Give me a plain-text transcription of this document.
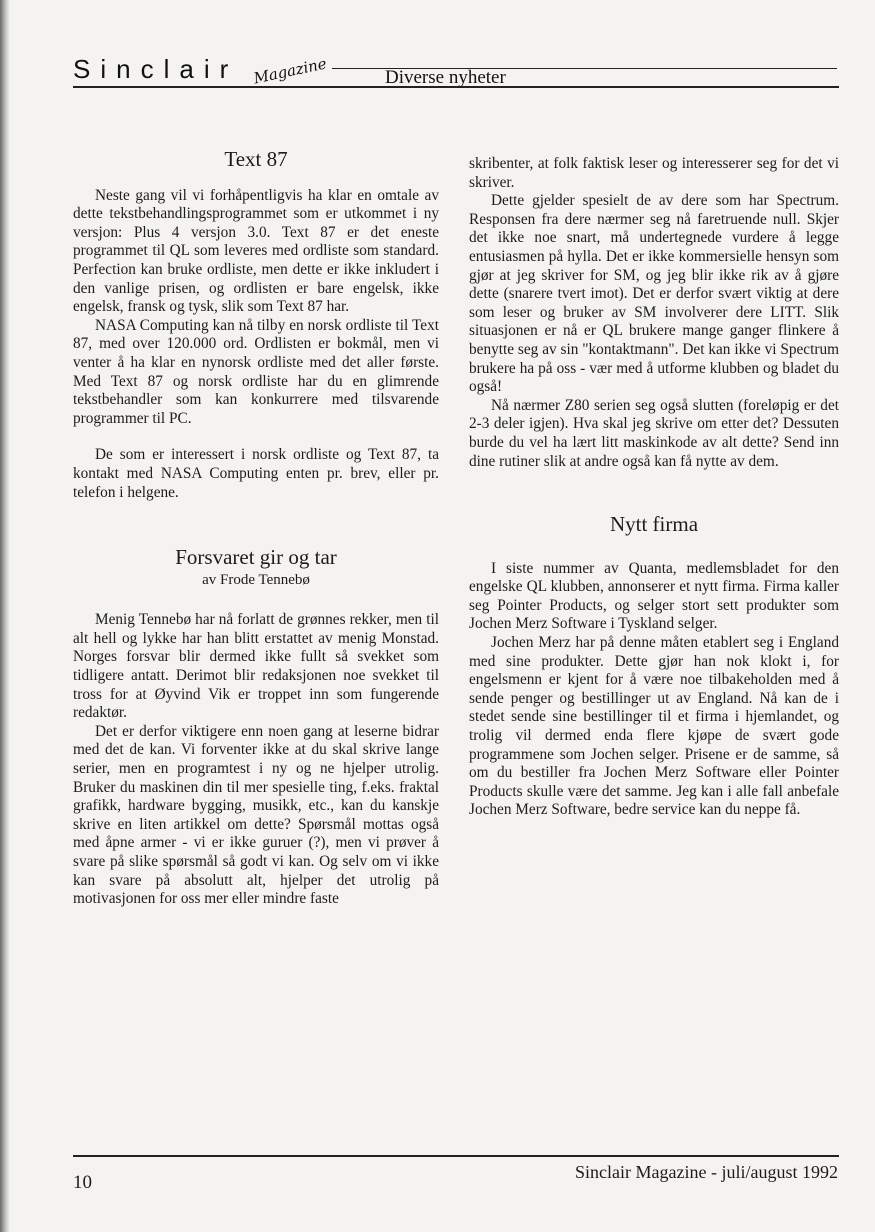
Sinclair Magazine	Diverse nyheter
Text 87

Neste gang vil vi forhåpentligvis ha klar en omtale av dette tekstbehandlingsprogrammet som er utkommet i ny versjon: Plus 4 versjon 3.0. Text 87 er det eneste programmet til QL som leveres med ordliste som standard. Perfection kan bruke ordliste, men dette er ikke inkludert i den vanlige prisen, og ordlisten er bare engelsk, ikke engelsk, fransk og tysk, slik som Text 87 har.

NASA Computing kan nå tilby en norsk ordliste til Text 87, med over 120.000 ord. Ordlisten er bokmål, men vi venter å ha klar en nynorsk ordliste med det aller første. Med Text 87 og norsk ordliste har du en glimrende tekstbehandler som kan konkurrere med tilsvarende programmer til PC.

De som er interessert i norsk ordliste og Text 87, ta kontakt med NASA Computing enten pr. brev, eller pr. telefon i helgene.

Forsvaret gir og tar
av Frode Tennebø

Menig Tennebø har nå forlatt de grønnes rekker, men til alt hell og lykke har han blitt erstattet av menig Monstad. Norges forsvar blir dermed ikke fullt så svekket som tidligere antatt. Derimot blir redaksjonen noe svekket til tross for at Øyvind Vik er troppet inn som fungerende redaktør.

Det er derfor viktigere enn noen gang at leserne bidrar med det de kan. Vi forventer ikke at du skal skrive lange serier, men en programtest i ny og ne hjelper utrolig. Bruker du maskinen din til mer spesielle ting, f.eks. fraktal grafikk, hardware bygging, musikk, etc., kan du kanskje skrive en liten artikkel om dette? Spørsmål mottas også med åpne armer - vi er ikke guruer (?), men vi prøver å svare på slike spørsmål så godt vi kan. Og selv om vi ikke kan svare på absolutt alt, hjelper det utrolig på motivasjonen for oss mer eller mindre faste

skribenter, at folk faktisk leser og interesserer seg for det vi skriver.

Dette gjelder spesielt de av dere som har Spectrum. Responsen fra dere nærmer seg nå faretruende null. Skjer det ikke noe snart, må undertegnede vurdere å legge entusiasmen på hylla. Det er ikke kommersielle hensyn som gjør at jeg skriver for SM, og jeg blir ikke rik av å gjøre dette (snarere tvert imot). Det er derfor svært viktig at dere som leser og bruker av SM involverer dere LITT. Slik situasjonen er nå er QL brukere mange ganger flinkere å benytte seg av sin "kontaktmann". Det kan ikke vi Spectrum brukere ha på oss - vær med å utforme klubben og bladet du også!

Nå nærmer Z80 serien seg også slutten (foreløpig er det 2-3 deler igjen). Hva skal jeg skrive om etter det? Dessuten burde du vel ha lært litt maskinkode av alt dette? Send inn dine rutiner slik at andre også kan få nytte av dem.

Nytt firma

I siste nummer av Quanta, medlemsbladet for den engelske QL klubben, annonserer et nytt firma. Firma kaller seg Pointer Products, og selger stort sett produkter som Jochen Merz Software i Tyskland selger.

Jochen Merz har på denne måten etablert seg i England med sine produkter. Dette gjør han nok klokt i, for engelsmenn er kjent for å være noe tilbakeholden med å sende penger og bestillinger ut av England. Nå kan de i stedet sende sine bestillinger til et firma i hjemlandet, og trolig vil dermed enda flere kjøpe de svært gode programmene som Jochen selger. Prisene er de samme, så om du bestiller fra Jochen Merz Software eller Pointer Products skulle være det samme. Jeg kan i alle fall anbefale Jochen Merz Software, bedre service kan du neppe få.

10	Sinclair Magazine - juli/august 1992
